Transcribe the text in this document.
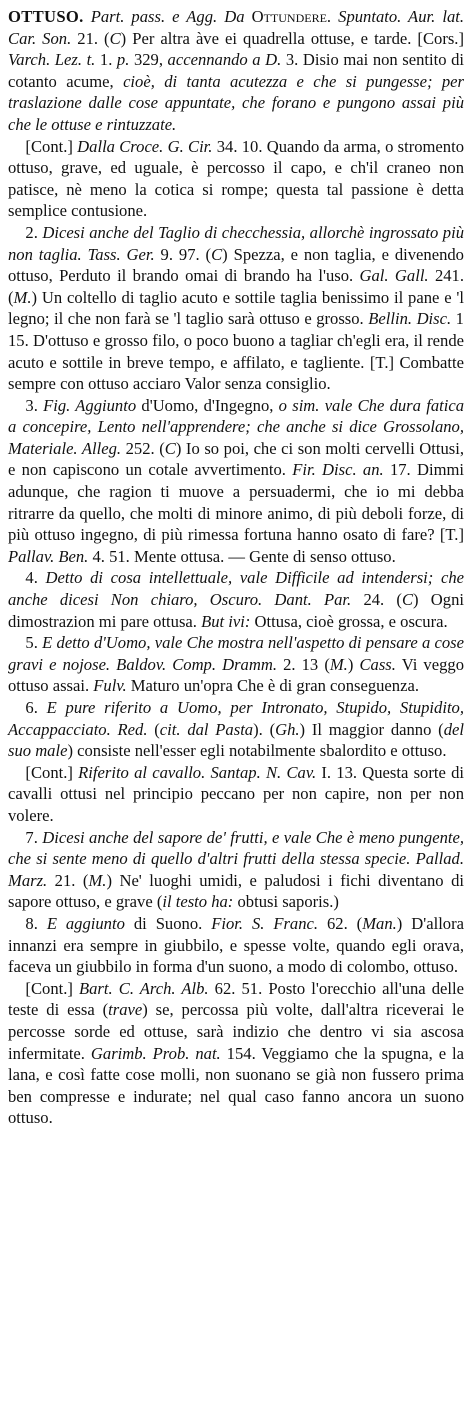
OTTUSO. Part. pass. e Agg. Da Ottundere. Spuntato. Aur. lat. Car. Son. 21. (C) Per altra àve ei quadrella ottuse, e tarde. [Cors.] Varch. Lez. t. 1. p. 329, accennando a D. 3. Disio mai non sentito di cotanto acume, cioè, di tanta acutezza e che si pungesse; per traslazione dalle cose appuntate, che forano e pungono assai più che le ottuse e rintuzzate.
[Cont.] Dalla Croce. G. Cir. 34. 10. Quando da arma, o stromento ottuso, grave, ed uguale, è percosso il capo, e ch'il craneo non patisce, nè meno la cotica si rompe; questa tal passione è detta semplice contusione.
2. Dicesi anche del Taglio di checchessia, allorchè ingrossato più non taglia. Tass. Ger. 9. 97. (C) Spezza, e non taglia, e divenendo ottuso, Perduto il brando omai di brando ha l'uso. Gal. Gall. 241. (M.) Un coltello di taglio acuto e sottile taglia benissimo il pane e 'l legno; il che non farà se 'l taglio sarà ottuso e grosso. Bellin. Disc. 1 15. D'ottuso e grosso filo, o poco buono a tagliar ch'egli era, il rende acuto e sottile in breve tempo, e affilato, e tagliente. [T.] Combatte sempre con ottuso acciaro Valor senza consiglio.
3. Fig. Aggiunto d'Uomo, d'Ingegno, o sim. vale Che dura fatica a concepire, Lento nell'apprendere; che anche si dice Grossolano, Materiale. Alleg. 252. (C) Io so poi, che ci son molti cervelli Ottusi, e non capiscono un cotale avvertimento. Fir. Disc. an. 17. Dimmi adunque, che ragion ti muove a persuadermi, che io mi debba ritrarre da quello, che molti di minore animo, di più deboli forze, di più ottuso ingegno, di più rimessa fortuna hanno osato di fare? [T.] Pallav. Ben. 4. 51. Mente ottusa. — Gente di senso ottuso.
4. Detto di cosa intellettuale, vale Difficile ad intendersi; che anche dicesi Non chiaro, Oscuro. Dant. Par. 24. (C) Ogni dimostrazion mi pare ottusa. But ivi: Ottusa, cioè grossa, e oscura.
5. E detto d'Uomo, vale Che mostra nell'aspetto di pensare a cose gravi e nojose. Baldov. Comp. Dramm. 2. 13 (M.) Cass. Vi veggo ottuso assai. Fulv. Maturo un'opra Che è di gran conseguenza.
6. E pure riferito a Uomo, per Intronato, Stupido, Stupidito, Accappacciato. Red. (cit. dal Pasta). (Gh.) Il maggior danno (del suo male) consiste nell'esser egli notabilmente sbalordito e ottuso.
[Cont.] Riferito al cavallo. Santap. N. Cav. I. 13. Questa sorte di cavalli ottusi nel principio peccano per non capire, non per non volere.
7. Dicesi anche del sapore de' frutti, e vale Che è meno pungente, che si sente meno di quello d'altri frutti della stessa specie. Pallad. Marz. 21. (M.) Ne' luoghi umidi, e paludosi i fichi diventano di sapore ottuso, e grave (il testo ha: obtusi saporis.)
8. E aggiunto di Suono. Fior. S. Franc. 62. (Man.) D'allora innanzi era sempre in giubbilo, e spesse volte, quando egli orava, faceva un giubbilo in forma d'un suono, a modo di colombo, ottuso.
[Cont.] Bart. C. Arch. Alb. 62. 51. Posto l'orecchio all'una delle teste di essa (trave) se, percossa più volte, dall'altra riceverai le percosse sorde ed ottuse, sarà indizio che dentro vi sia ascosa infermitate. Garimb. Prob. nat. 154. Veggiamo che la spugna, e la lana, e così fatte cose molli, non suonano se già non fussero prima ben compresse e indurate; nel qual caso fanno ancora un suono ottuso.
